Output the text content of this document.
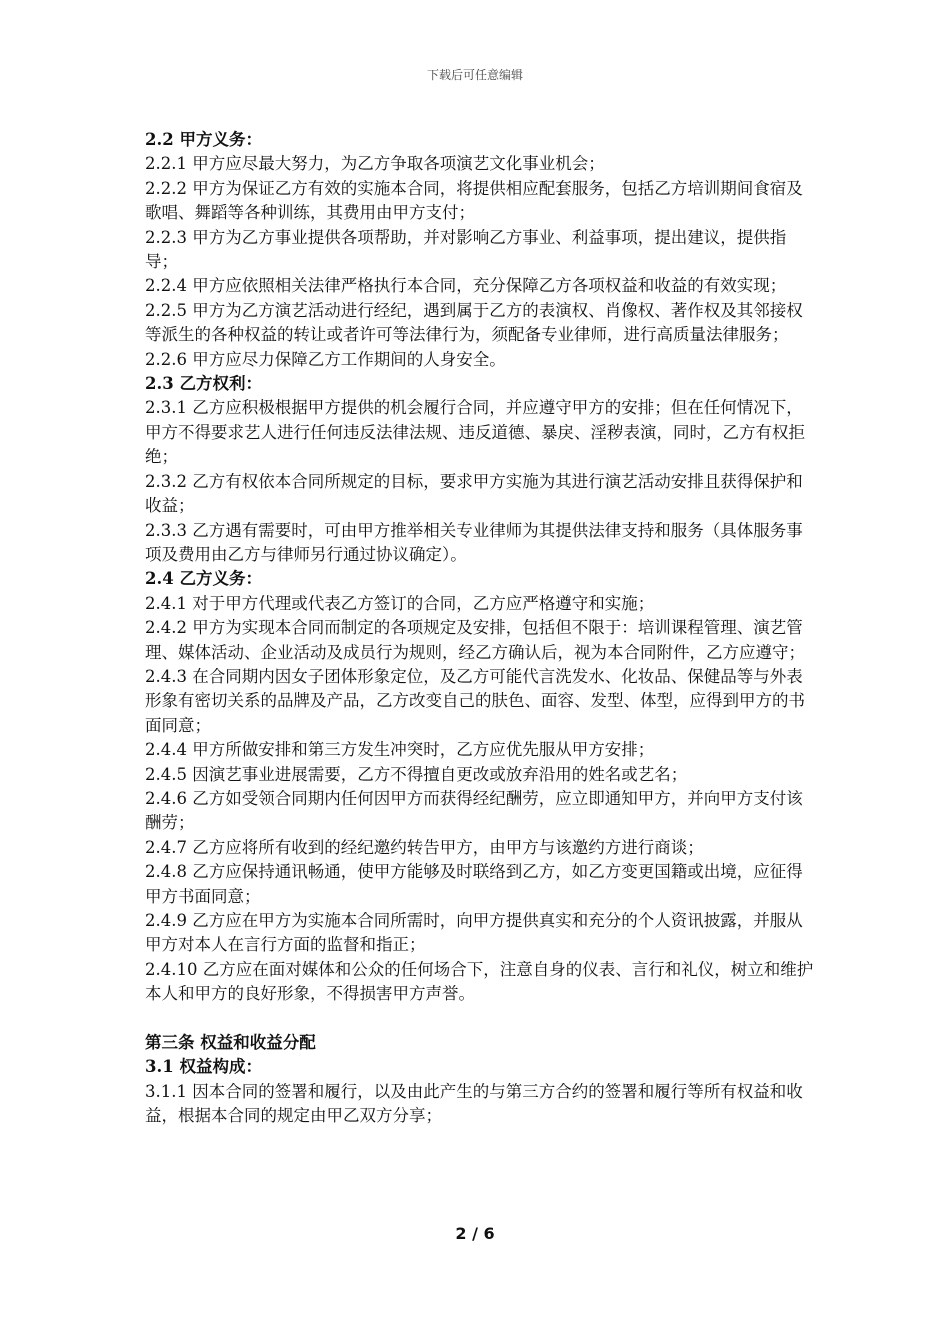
下载后可任意编辑

2.2 甲方义务：

2.2.1 甲方应尽最大努力，为乙方争取各项演艺文化事业机会；

2.2.2 甲方为保证乙方有效的实施本合同，将提供相应配套服务，包括乙方培训期间食宿及歌唱、舞蹈等各种训练，其费用由甲方支付；

2.2.3 甲方为乙方事业提供各项帮助，并对影响乙方事业、利益事项，提出建议，提供指导；

2.2.4 甲方应依照相关法律严格执行本合同，充分保障乙方各项权益和收益的有效实现；

2.2.5 甲方为乙方演艺活动进行经纪，遇到属于乙方的表演权、肖像权、著作权及其邻接权等派生的各种权益的转让或者许可等法律行为，须配备专业律师，进行高质量法律服务；

2.2.6 甲方应尽力保障乙方工作期间的人身安全。

2.3 乙方权利：

2.3.1 乙方应积极根据甲方提供的机会履行合同，并应遵守甲方的安排；但在任何情况下，甲方不得要求艺人进行任何违反法律法规、违反道德、暴戾、淫秽表演，同时，乙方有权拒绝；

2.3.2 乙方有权依本合同所规定的目标，要求甲方实施为其进行演艺活动安排且获得保护和收益；

2.3.3 乙方遇有需要时，可由甲方推举相关专业律师为其提供法律支持和服务（具体服务事项及费用由乙方与律师另行通过协议确定）。

2.4 乙方义务：

2.4.1 对于甲方代理或代表乙方签订的合同，乙方应严格遵守和实施；

2.4.2 甲方为实现本合同而制定的各项规定及安排，包括但不限于：培训课程管理、演艺管理、媒体活动、企业活动及成员行为规则，经乙方确认后，视为本合同附件，乙方应遵守；

2.4.3 在合同期内因女子团体形象定位，及乙方可能代言洗发水、化妆品、保健品等与外表形象有密切关系的品牌及产品，乙方改变自己的肤色、面容、发型、体型，应得到甲方的书面同意；

2.4.4 甲方所做安排和第三方发生冲突时，乙方应优先服从甲方安排；

2.4.5 因演艺事业进展需要，乙方不得擅自更改或放弃沿用的姓名或艺名；

2.4.6 乙方如受领合同期内任何因甲方而获得经纪酬劳，应立即通知甲方，并向甲方支付该酬劳；

2.4.7 乙方应将所有收到的经纪邀约转告甲方，由甲方与该邀约方进行商谈；

2.4.8 乙方应保持通讯畅通，使甲方能够及时联络到乙方，如乙方变更国籍或出境，应征得甲方书面同意；

2.4.9 乙方应在甲方为实施本合同所需时，向甲方提供真实和充分的个人资讯披露，并服从甲方对本人在言行方面的监督和指正；

2.4.10 乙方应在面对媒体和公众的任何场合下，注意自身的仪表、言行和礼仪，树立和维护本人和甲方的良好形象，不得损害甲方声誉。

第三条 权益和收益分配

3.1 权益构成：

3.1.1 因本合同的签署和履行，以及由此产生的与第三方合约的签署和履行等所有权益和收益，根据本合同的规定由甲乙双方分享；

2 / 6
